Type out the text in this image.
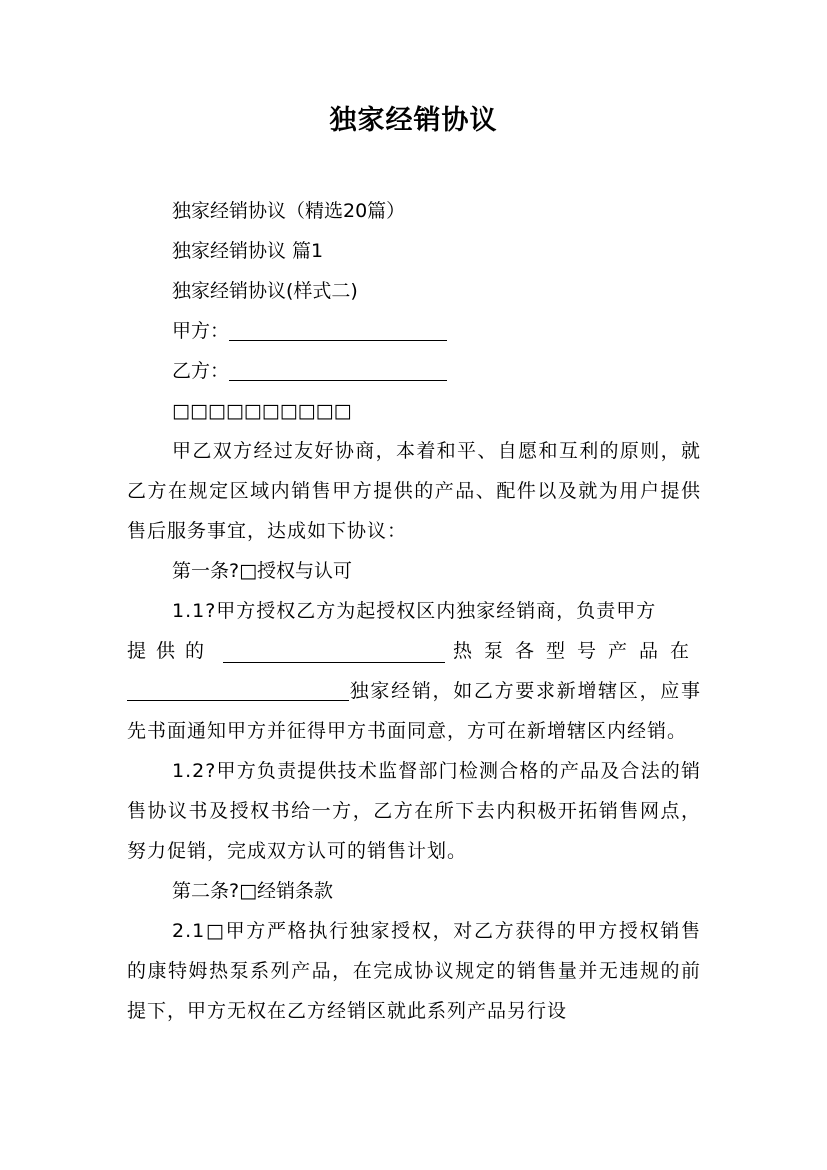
独家经销协议

独家经销协议（精选20篇）

独家经销协议 篇1

独家经销协议(样式二)

甲方：

乙方：

□□□□□□□□□□

甲乙双方经过友好协商，本着和平、自愿和互利的原则，就乙方在规定区域内销售甲方提供的产品、配件以及就为用户提供售后服务事宜，达成如下协议：

第一条?□授权与认可

1.1?甲方授权乙方为起授权区内独家经销商，负责甲方

提供的	热泵各型号产品在

独家经销，如乙方要求新增辖区，应事先书面通知甲方并征得甲方书面同意，方可在新增辖区内经销。

1.2?甲方负责提供技术监督部门检测合格的产品及合法的销售协议书及授权书给一方，乙方在所下去内积极开拓销售网点，努力促销，完成双方认可的销售计划。

第二条?□经销条款

2.1□甲方严格执行独家授权，对乙方获得的甲方授权销售的康特姆热泵系列产品，在完成协议规定的销售量并无违规的前提下，甲方无权在乙方经销区就此系列产品另行设
